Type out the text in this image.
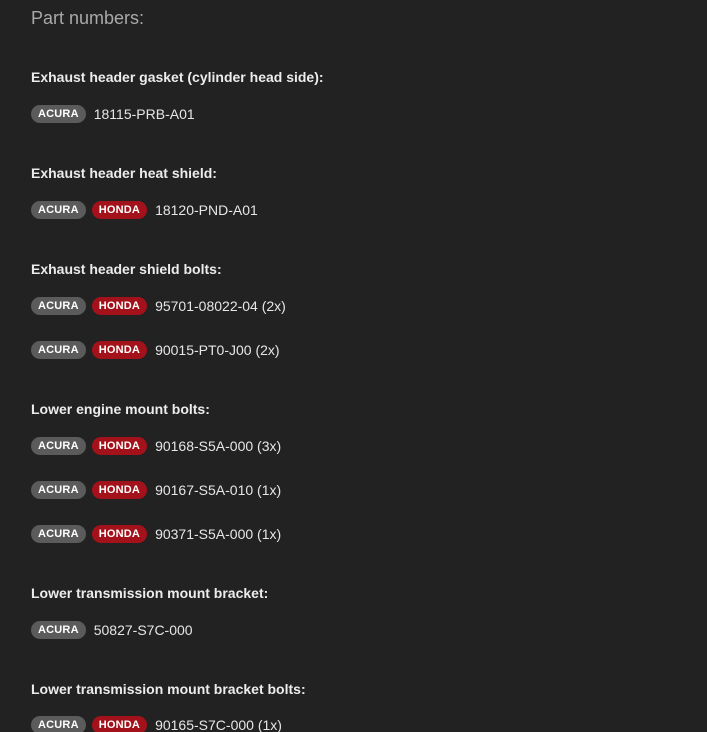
Part numbers:
Exhaust header gasket (cylinder head side):
ACURA	18115-PRB-A01
Exhaust header heat shield:
ACURA	HONDA	18120-PND-A01
Exhaust header shield bolts:
ACURA	HONDA	95701-08022-04 (2x)
ACURA	HONDA	90015-PT0-J00 (2x)
Lower engine mount bolts:
ACURA	HONDA	90168-S5A-000 (3x)
ACURA	HONDA	90167-S5A-010 (1x)
ACURA	HONDA	90371-S5A-000 (1x)
Lower transmission mount bracket:
ACURA	50827-S7C-000
Lower transmission mount bracket bolts:
ACURA	HONDA	90165-S7C-000 (1x)
